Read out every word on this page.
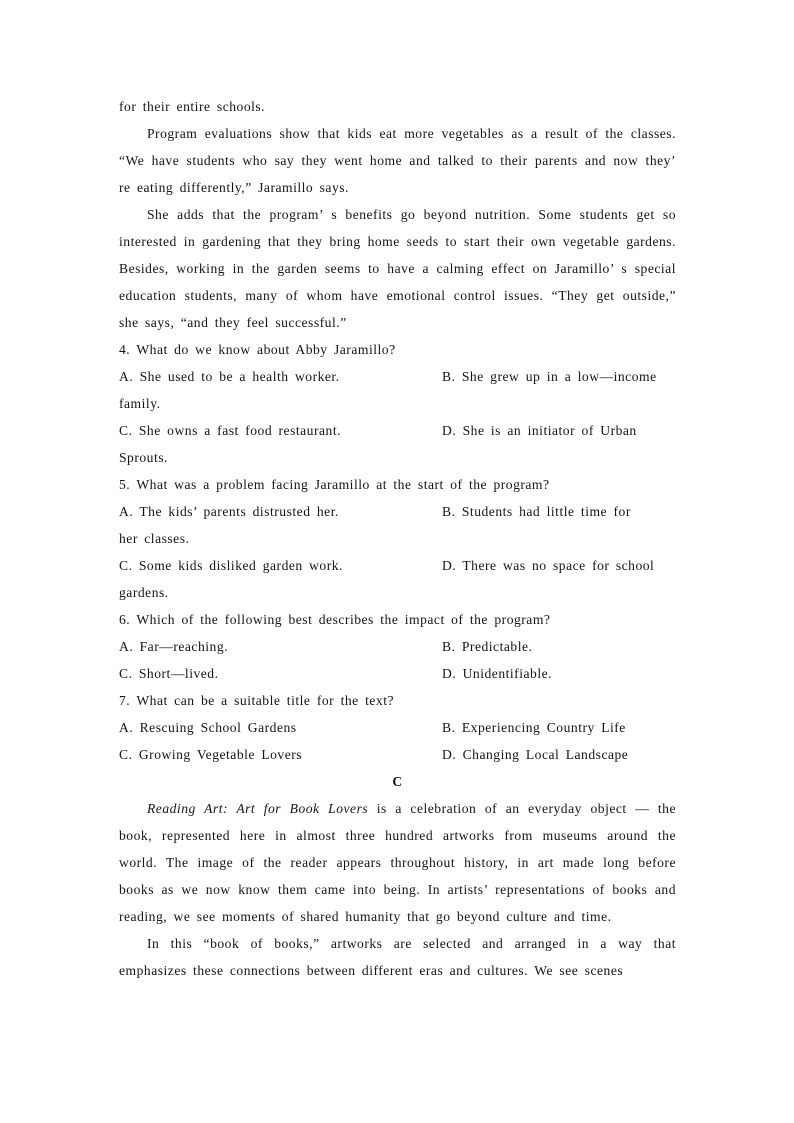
for their entire schools.

Program evaluations show that kids eat more vegetables as a result of the classes. “We have students who say they went home and talked to their parents and now they’ re eating differently,” Jaramillo says.

She adds that the program’ s benefits go beyond nutrition. Some students get so interested in gardening that they bring home seeds to start their own vegetable gardens. Besides, working in the garden seems to have a calming effect on Jaramillo’ s special education students, many of whom have emotional control issues. “They get outside,” she says, “and they feel successful.”

4. What do we know about Abby Jaramillo?
A. She used to be a health worker.	B. She grew up in a low—income
family.
C. She owns a fast food restaurant.	D. She is an initiator of Urban
Sprouts.
5. What was a problem facing Jaramillo at the start of the program?
A. The kids’ parents distrusted her.	B. Students had little time for
her classes.
C. Some kids disliked garden work.	D. There was no space for school
gardens.
6. Which of the following best describes the impact of the program?
A. Far—reaching.	B. Predictable.
C. Short—lived.	D. Unidentifiable.
7. What can be a suitable title for the text?
A. Rescuing School Gardens	B. Experiencing Country Life
C. Growing Vegetable Lovers	D. Changing Local Landscape
C

Reading Art: Art for Book Lovers is a celebration of an everyday object — the book, represented here in almost three hundred artworks from museums around the world. The image of the reader appears throughout history, in art made long before books as we now know them came into being. In artists’ representations of books and reading, we see moments of shared humanity that go beyond culture and time.

In this “book of books,” artworks are selected and arranged in a way that emphasizes these connections between different eras and cultures. We see scenes
